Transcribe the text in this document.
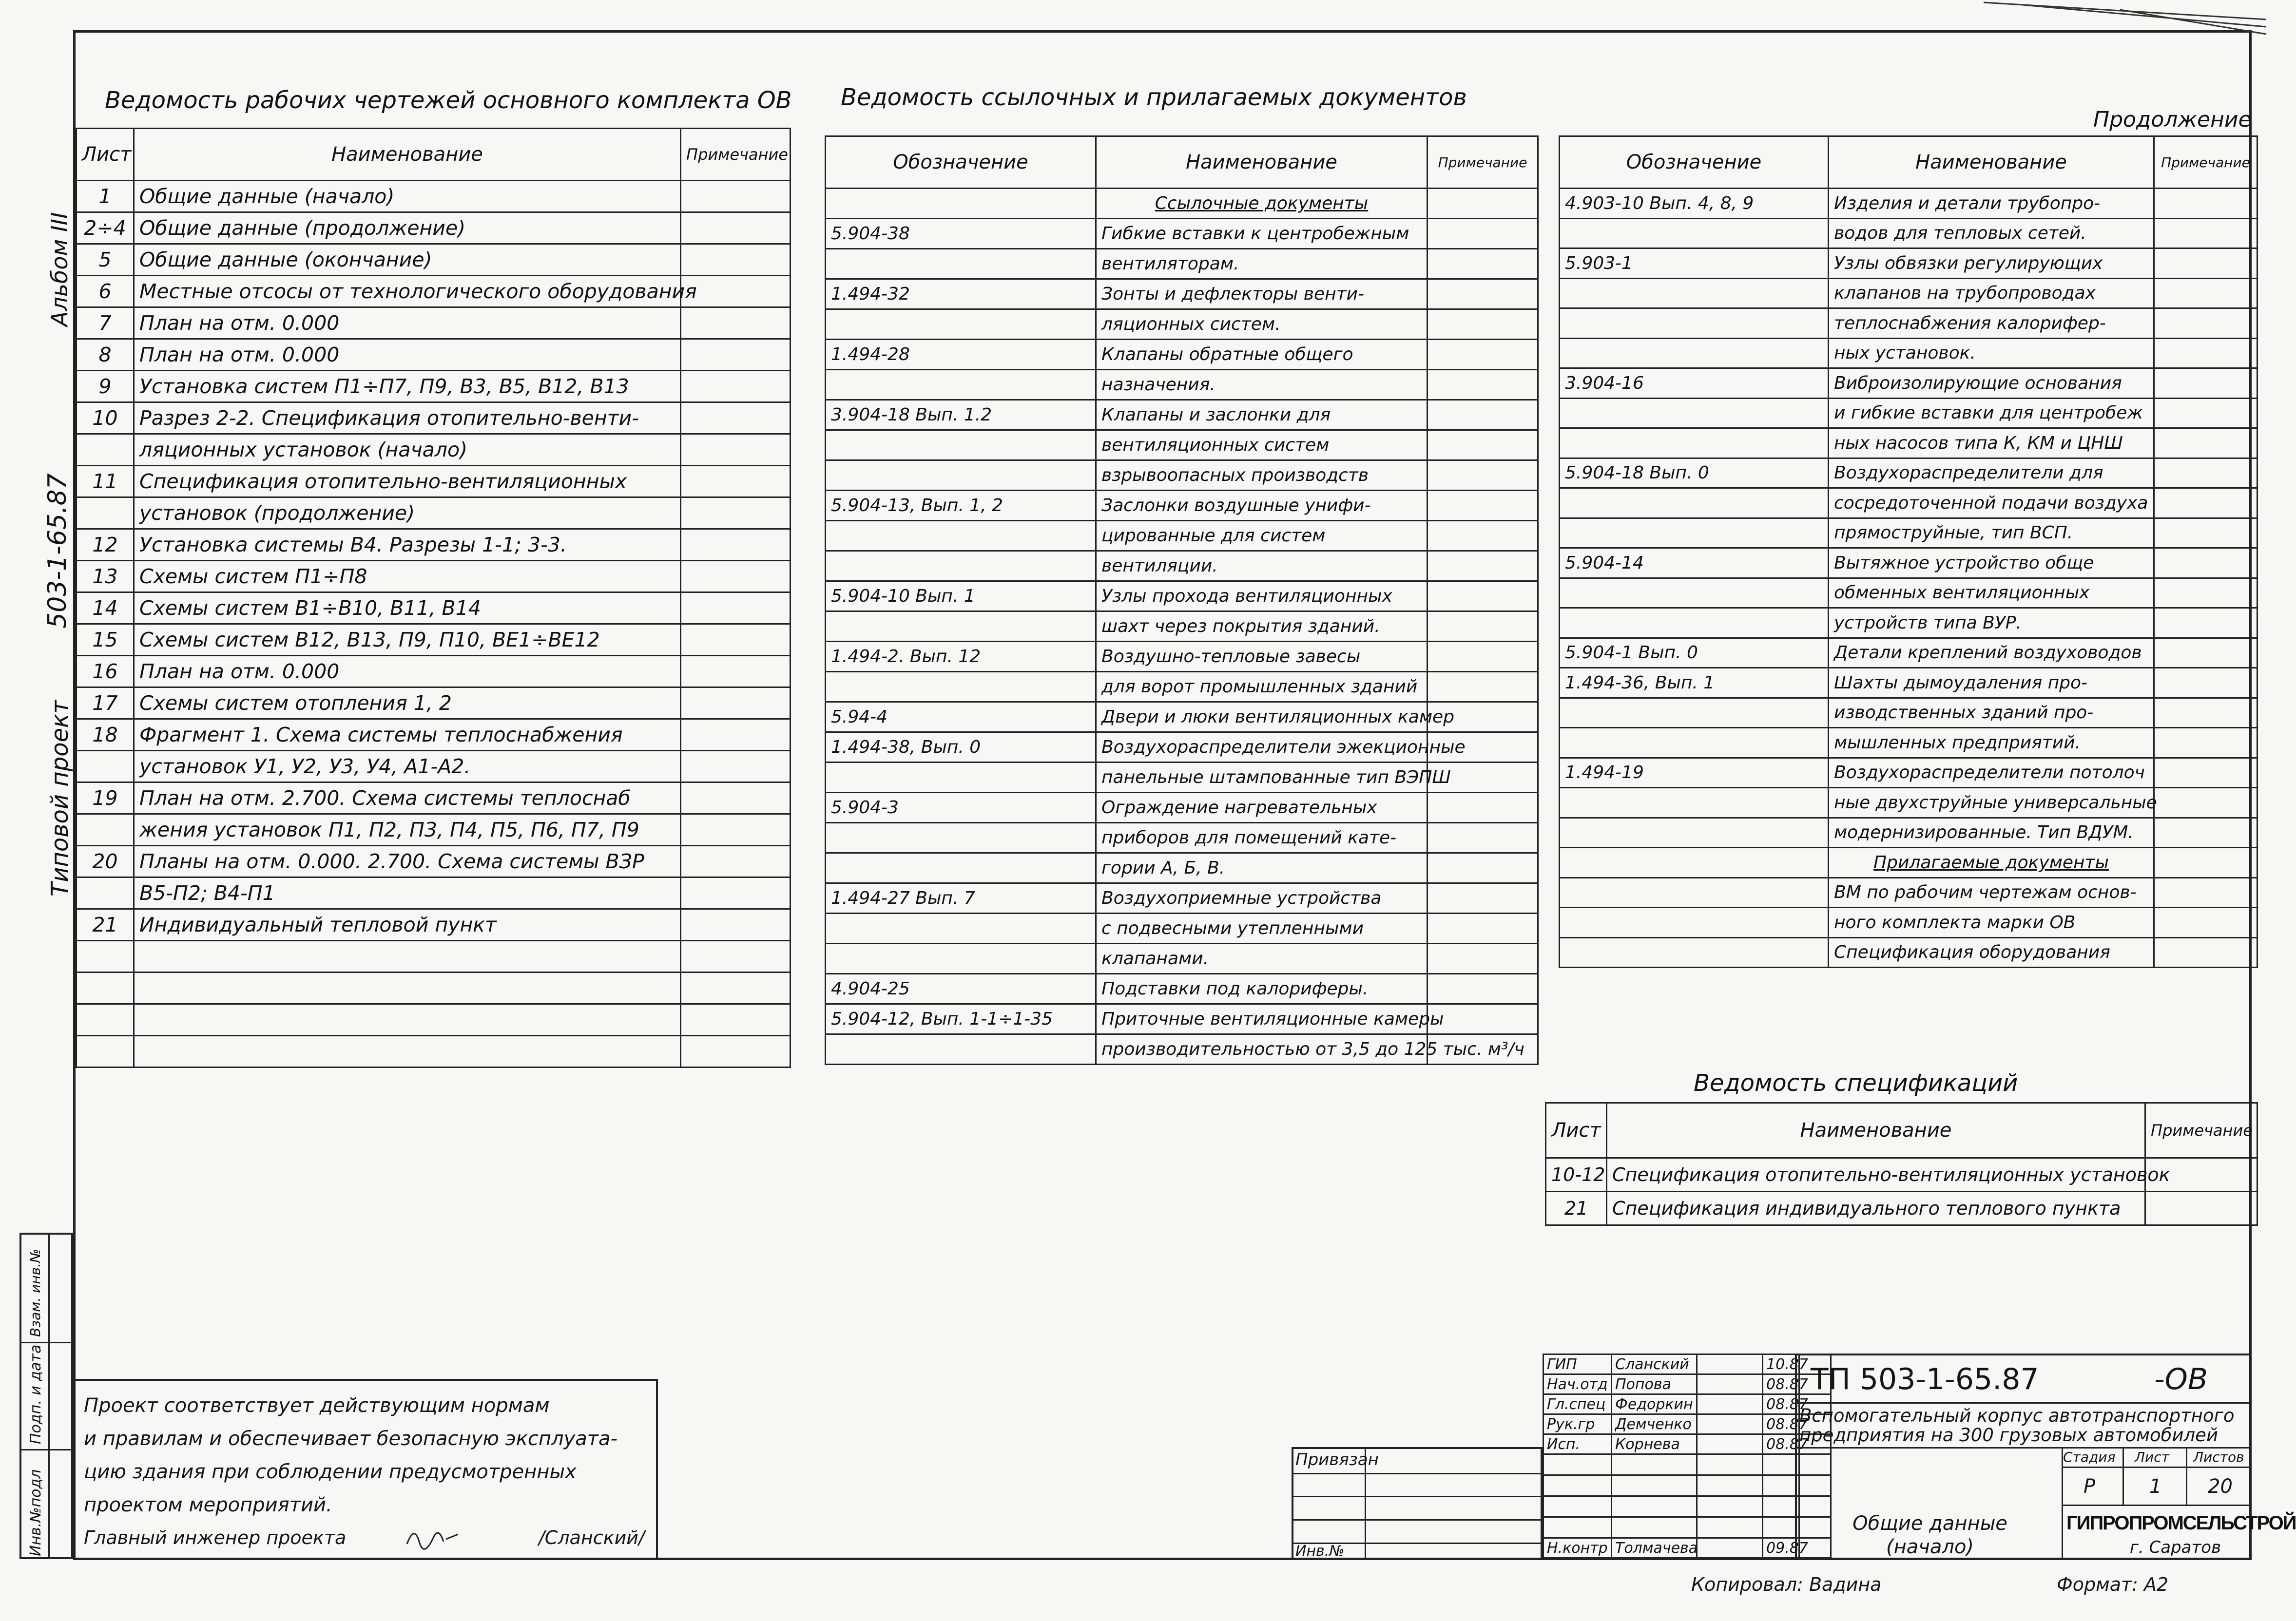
Альбом III
503-1-65.87
Типовой проект
Инв.№подл
Подп. и дата
Взам. инв.№
Ведомость рабочих чертежей основного комплекта ОВ
Лист	Наименование	Примечание
1	Общие данные (начало)	
2÷4	Общие данные (продолжение)	
5	Общие данные (окончание)	
6	Местные отсосы от технологического оборудования	
7	План на отм. 0.000	
8	План на отм. 0.000	
9	Установка систем П1÷П7, П9, В3, В5, В12, В13	
10	Разрез 2-2. Спецификация отопительно-венти-	
	ляционных установок (начало)	
11	Спецификация отопительно-вентиляционных	
	установок (продолжение)	
12	Установка системы В4. Разрезы 1-1; 3-3.	
13	Схемы систем П1÷П8	
14	Схемы систем В1÷В10, В11, В14	
15	Схемы систем В12, В13, П9, П10, ВЕ1÷ВЕ12	
16	План на отм. 0.000	
17	Схемы систем отопления 1, 2	
18	Фрагмент 1. Схема системы теплоснабжения	
	установок У1, У2, У3, У4, А1-А2.	
19	План на отм. 2.700. Схема системы теплоснаб	
	жения установок П1, П2, П3, П4, П5, П6, П7, П9	
20	Планы на отм. 0.000. 2.700. Схема системы ВЗР	
	В5-П2; В4-П1	
21	Индивидуальный тепловой пункт	

Ведомость ссылочных и прилагаемых документов
Обозначение	Наименование	Примечание
	Ссылочные документы	
5.904-38	Гибкие вставки к центробежным	
	вентиляторам.	
1.494-32	Зонты и дефлекторы венти-	
	ляционных систем.	
1.494-28	Клапаны обратные общего	
	назначения.	
3.904-18 Вып. 1.2	Клапаны и заслонки для	
	вентиляционных систем	
	взрывоопасных производств	
5.904-13, Вып. 1, 2	Заслонки воздушные унифи-	
	цированные для систем	
	вентиляции.	
5.904-10 Вып. 1	Узлы прохода вентиляционных	
	шахт через покрытия зданий.	
1.494-2. Вып. 12	Воздушно-тепловые завесы	
	для ворот промышленных зданий	
5.94-4	Двери и люки вентиляционных камер	
1.494-38, Вып. 0	Воздухораспределители эжекционные	
	панельные штампованные тип ВЭПШ	
5.904-3	Ограждение нагревательных	
	приборов для помещений кате-	
	гории А, Б, В.	
1.494-27 Вып. 7	Воздухоприемные устройства	
	с подвесными утепленными	
	клапанами.	
4.904-25	Подставки под калориферы.	
5.904-12, Вып. 1-1÷1-35	Приточные вентиляционные камеры	
	производительностью от 3,5 до 125 тыс. м³/ч	
Продолжение
Обозначение	Наименование	Примечание
4.903-10 Вып. 4, 8, 9	Изделия и детали трубопро-	
	водов для тепловых сетей.	
5.903-1	Узлы обвязки регулирующих	
	клапанов на трубопроводах	
	теплоснабжения калорифер-	
	ных установок.	
3.904-16	Виброизолирующие основания	
	и гибкие вставки для центробеж	
	ных насосов типа К, КМ и ЦНШ	
5.904-18 Вып. 0	Воздухораспределители для	
	сосредоточенной подачи воздуха	
	прямоструйные, тип ВСП.	
5.904-14	Вытяжное устройство обще	
	обменных вентиляционных	
	устройств типа ВУР.	
5.904-1 Вып. 0	Детали креплений воздуховодов	
1.494-36, Вып. 1	Шахты дымоудаления про-	
	изводственных зданий про-	
	мышленных предприятий.	
1.494-19	Воздухораспределители потолоч	
	ные двухструйные универсальные	
	модернизированные. Тип ВДУМ.	
	Прилагаемые документы	
	ВМ по рабочим чертежам основ-	
	ного комплекта марки ОВ	
	Спецификация оборудования	
Ведомость спецификаций
Лист	Наименование	Примечание
10-12	Спецификация отопительно-вентиляционных установок	
21	Спецификация индивидуального теплового пункта	
Проект соответствует действующим нормам
и правилам и обеспечивает безопасную эксплуата-
цию здания при соблюдении предусмотренных
проектом мероприятий.
Главный инженер проекта	/Сланский/
Привязан
Инв.№
ГИП	Сланский		10.87	
Нач.отд	Попова		08.87	
Гл.спец	Федоркин		08.87	
Рук.гр	Демченко		08.87	
Исп.	Корнева		08.87	

Н.контр	Толмачева		09.87	
ТП 503-1-65.87	-ОВ
Вспомогательный корпус автотранспортного предприятия на 300 грузовых автомобилей
Стадия Лист Листов
Р	1 20
Общие данные (начало)
ГИПРОПРОМСЕЛЬСТРОЙ
г. Саратов
Копировал: Вадина	Формат: А2
